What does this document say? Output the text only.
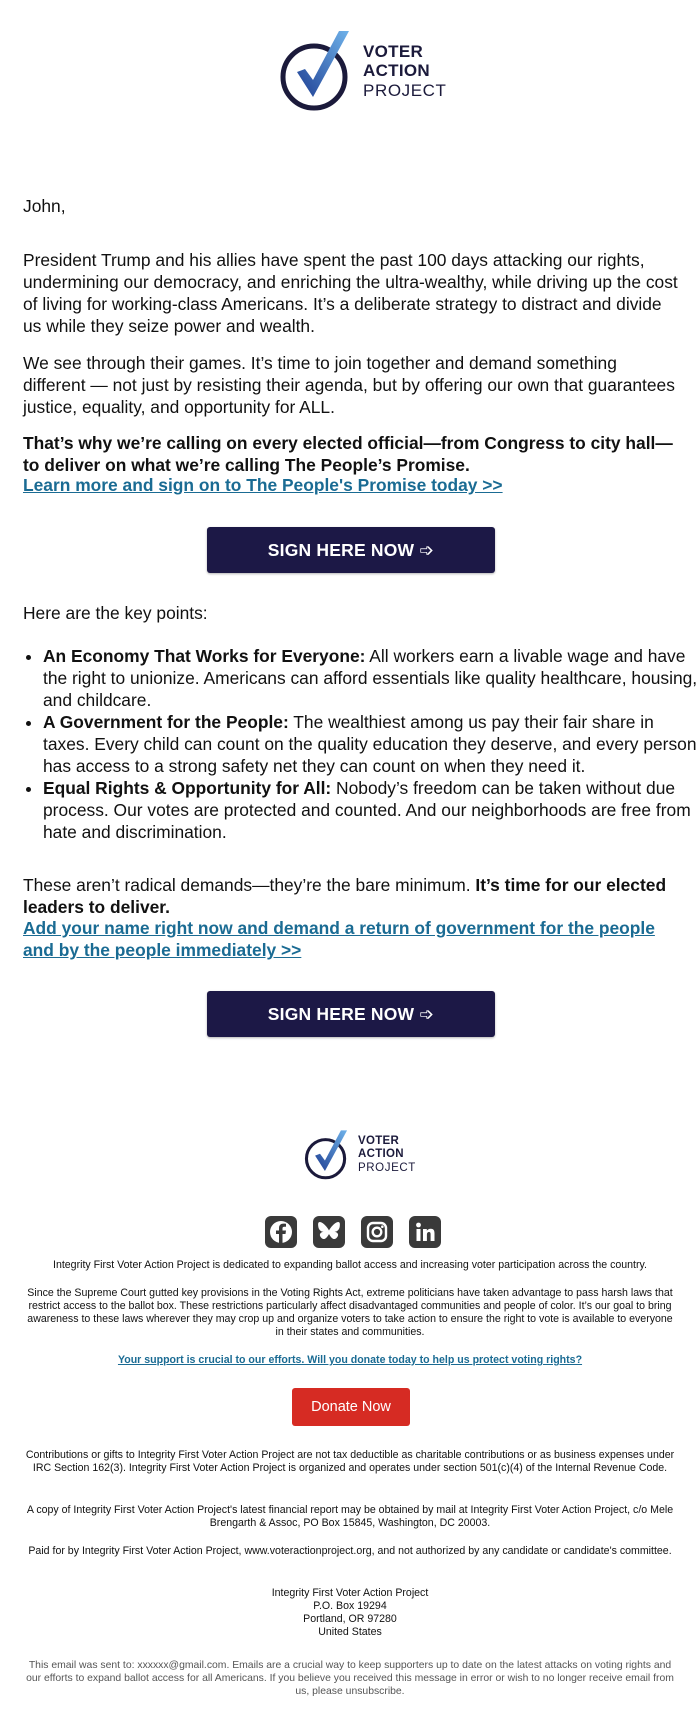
VOTER
ACTION
PROJECT
John,

President Trump and his allies have spent the past 100 days attacking our rights, undermining our democracy, and enriching the ultra-wealthy, while driving up the cost of living for working-class Americans. It’s a deliberate strategy to distract and divide us while they seize power and wealth.

We see through their games. It’s time to join together and demand something different — not just by resisting their agenda, but by offering our own that guarantees justice, equality, and opportunity for ALL.

That’s why we’re calling on every elected official—from Congress to city hall—to deliver on what we’re calling The People’s Promise.

Learn more and sign on to The People's Promise today >>
SIGN HERE NOW ➩
Here are the key points:
• An Economy That Works for Everyone: All workers earn a livable wage and have the right to unionize. Americans can afford essentials like quality healthcare, housing, and childcare.
• A Government for the People: The wealthiest among us pay their fair share in taxes. Every child can count on the quality education they deserve, and every person has access to a strong safety net they can count on when they need it.
• Equal Rights & Opportunity for All: Nobody’s freedom can be taken without due process. Our votes are protected and counted. And our neighborhoods are free from hate and discrimination.

These aren’t radical demands—they’re the bare minimum. It’s time for our elected leaders to deliver.

Add your name right now and demand a return of government for the people and by the people immediately >>
SIGN HERE NOW ➩
VOTER
ACTION
PROJECT
Integrity First Voter Action Project is dedicated to expanding ballot access and increasing voter participation across the country.
Since the Supreme Court gutted key provisions in the Voting Rights Act, extreme politicians have taken advantage to pass harsh laws that restrict access to the ballot box. These restrictions particularly affect disadvantaged communities and people of color. It’s our goal to bring awareness to these laws wherever they may crop up and organize voters to take action to ensure the right to vote is available to everyone in their states and communities.
Your support is crucial to our efforts. Will you donate today to help us protect voting rights?
Donate Now
Contributions or gifts to Integrity First Voter Action Project are not tax deductible as charitable contributions or as business expenses under IRC Section 162(3). Integrity First Voter Action Project is organized and operates under section 501(c)(4) of the Internal Revenue Code.
A copy of Integrity First Voter Action Project's latest financial report may be obtained by mail at Integrity First Voter Action Project, c/o Mele Brengarth & Assoc, PO Box 15845, Washington, DC 20003.
Paid for by Integrity First Voter Action Project, www.voteractionproject.org, and not authorized by any candidate or candidate's committee.

Integrity First Voter Action Project

P.O. Box 19294

Portland, OR 97280

United States

This email was sent to: xxxxxx@gmail.com. Emails are a crucial way to keep supporters up to date on the latest attacks on voting rights and our efforts to expand ballot access for all Americans. If you believe you received this message in error or wish to no longer receive email from us, please unsubscribe.
